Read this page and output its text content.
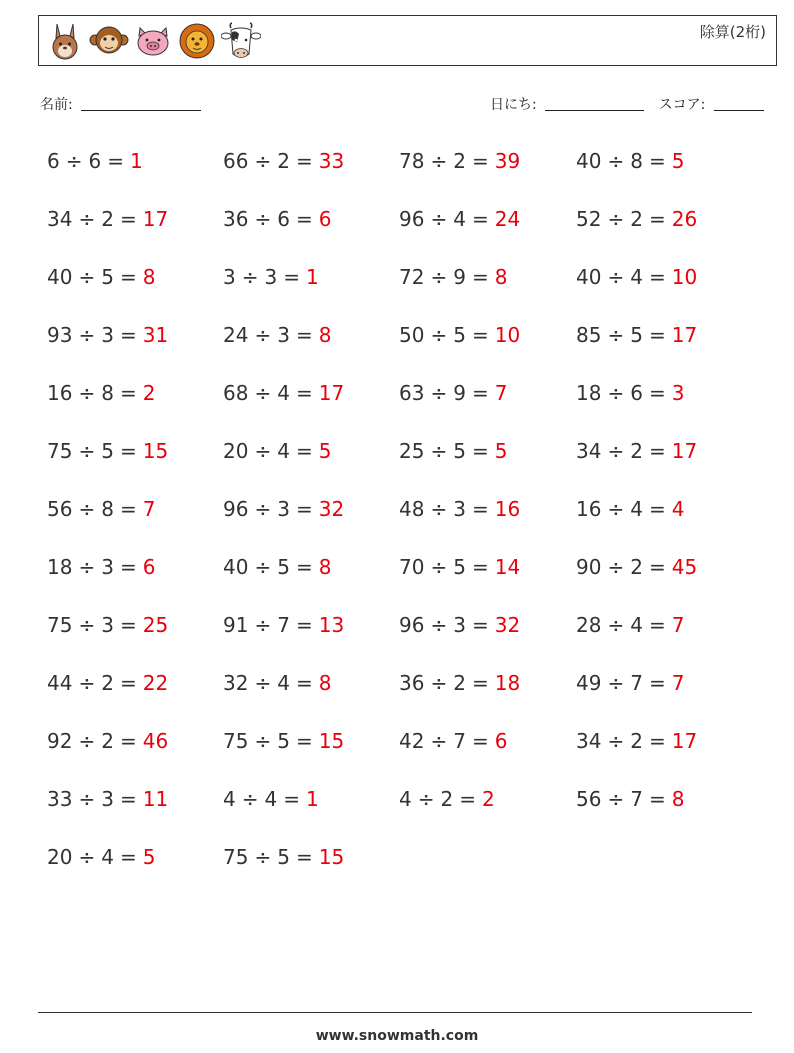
除算(2桁)
名前:	日にち:	スコア:
6 ÷ 6 = 1
34 ÷ 2 = 17
40 ÷ 5 = 8
93 ÷ 3 = 31
16 ÷ 8 = 2
75 ÷ 5 = 15
56 ÷ 8 = 7
18 ÷ 3 = 6
75 ÷ 3 = 25
44 ÷ 2 = 22
92 ÷ 2 = 46
33 ÷ 3 = 11
20 ÷ 4 = 5
66 ÷ 2 = 33
36 ÷ 6 = 6
3 ÷ 3 = 1
24 ÷ 3 = 8
68 ÷ 4 = 17
20 ÷ 4 = 5
96 ÷ 3 = 32
40 ÷ 5 = 8
91 ÷ 7 = 13
32 ÷ 4 = 8
75 ÷ 5 = 15
4 ÷ 4 = 1
75 ÷ 5 = 15
78 ÷ 2 = 39
96 ÷ 4 = 24
72 ÷ 9 = 8
50 ÷ 5 = 10
63 ÷ 9 = 7
25 ÷ 5 = 5
48 ÷ 3 = 16
70 ÷ 5 = 14
96 ÷ 3 = 32
36 ÷ 2 = 18
42 ÷ 7 = 6
4 ÷ 2 = 2
40 ÷ 8 = 5
52 ÷ 2 = 26
40 ÷ 4 = 10
85 ÷ 5 = 17
18 ÷ 6 = 3
34 ÷ 2 = 17
16 ÷ 4 = 4
90 ÷ 2 = 45
28 ÷ 4 = 7
49 ÷ 7 = 7
34 ÷ 2 = 17
56 ÷ 7 = 8
www.snowmath.com
